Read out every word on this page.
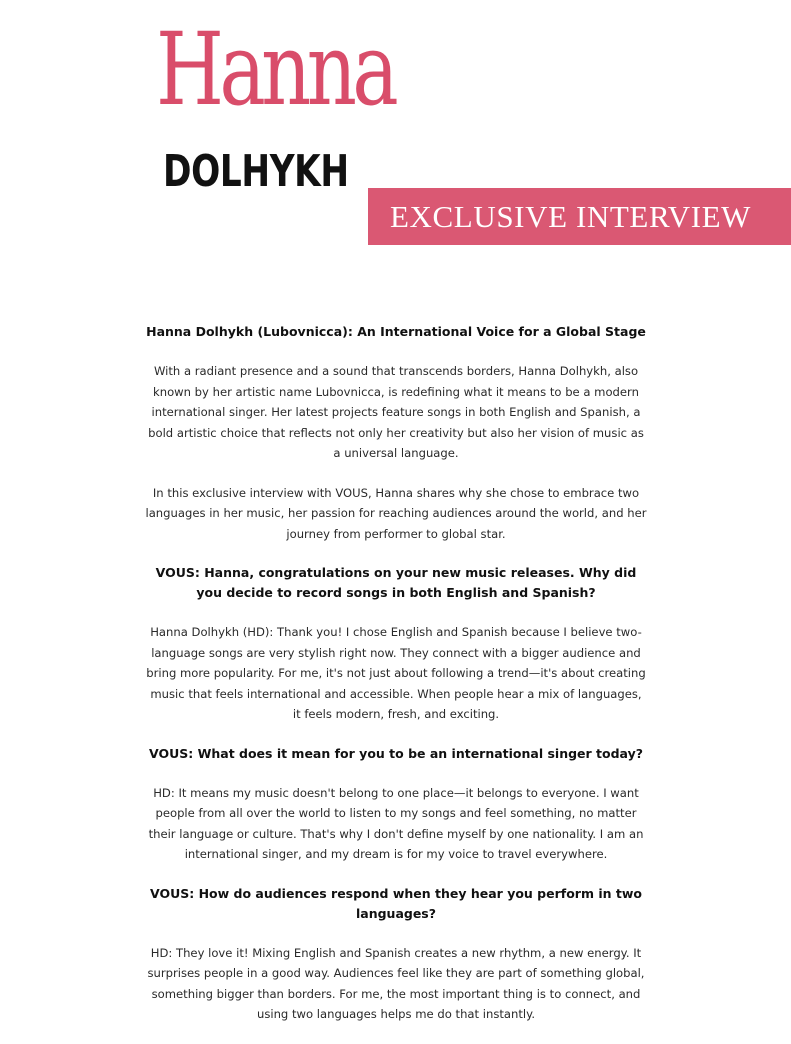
Hanna
DOLHYKH
EXCLUSIVE INTERVIEW

Hanna Dolhykh (Lubovnicca): An International Voice for a Global Stage

With a radiant presence and a sound that transcends borders, Hanna Dolhykh, also known by her artistic name Lubovnicca, is redefining what it means to be a modern international singer. Her latest projects feature songs in both English and Spanish, a bold artistic choice that reflects not only her creativity but also her vision of music as a universal language.

In this exclusive interview with VOUS, Hanna shares why she chose to embrace two languages in her music, her passion for reaching audiences around the world, and her journey from performer to global star.

VOUS: Hanna, congratulations on your new music releases. Why did you decide to record songs in both English and Spanish?

Hanna Dolhykh (HD): Thank you! I chose English and Spanish because I believe two-language songs are very stylish right now. They connect with a bigger audience and bring more popularity. For me, it's not just about following a trend—it's about creating music that feels international and accessible. When people hear a mix of languages, it feels modern, fresh, and exciting.

VOUS: What does it mean for you to be an international singer today?

HD: It means my music doesn't belong to one place—it belongs to everyone. I want people from all over the world to listen to my songs and feel something, no matter their language or culture. That's why I don't define myself by one nationality. I am an international singer, and my dream is for my voice to travel everywhere.

VOUS: How do audiences respond when they hear you perform in two languages?

HD: They love it! Mixing English and Spanish creates a new rhythm, a new energy. It surprises people in a good way. Audiences feel like they are part of something global, something bigger than borders. For me, the most important thing is to connect, and using two languages helps me do that instantly.
